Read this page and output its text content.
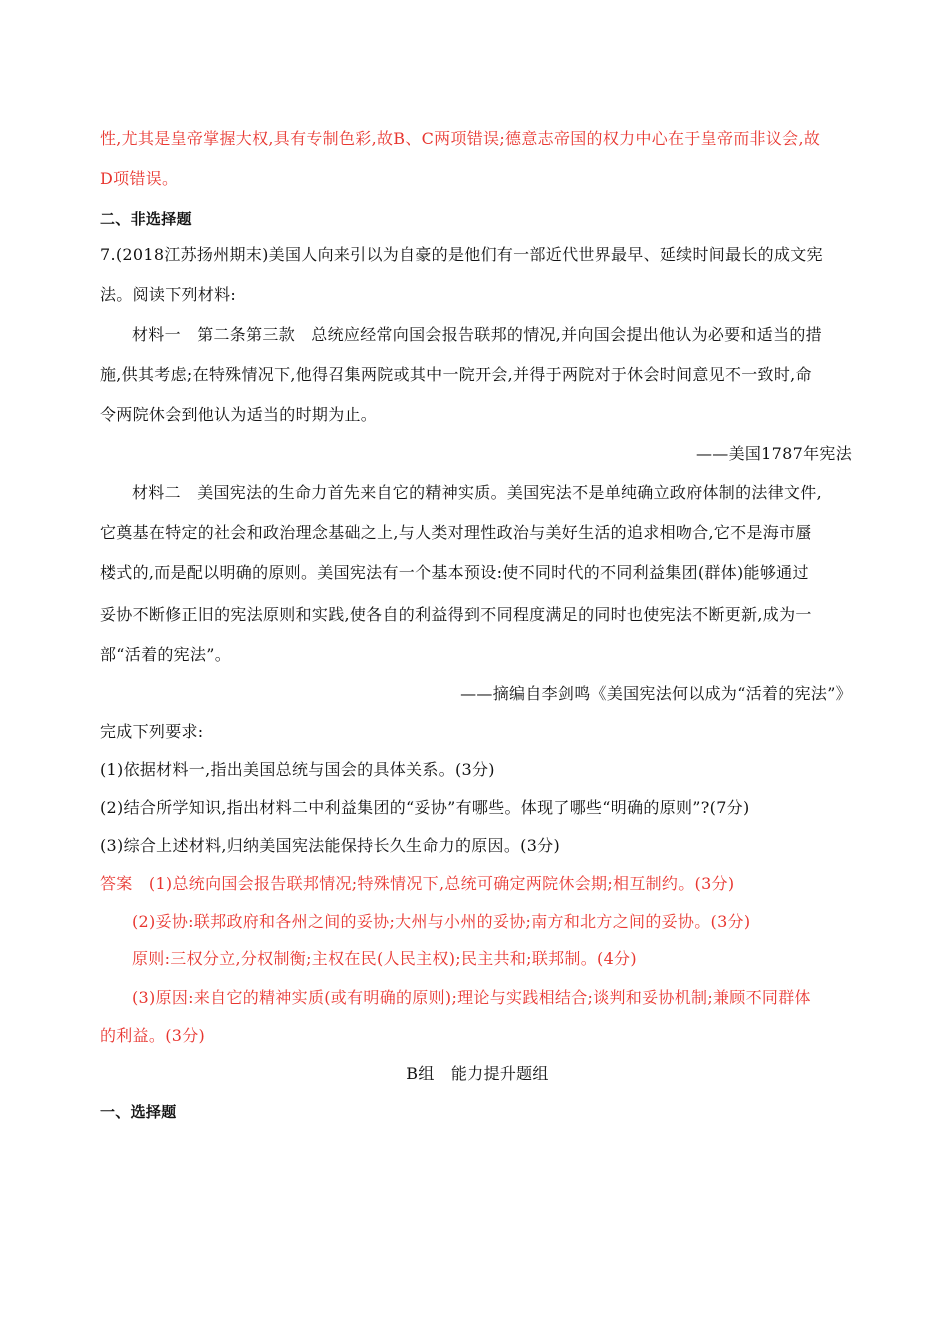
性,尤其是皇帝掌握大权,具有专制色彩,故B、C两项错误;德意志帝国的权力中心在于皇帝而非议会,故
D项错误。
二、非选择题
7.(2018江苏扬州期末)美国人向来引以为自豪的是他们有一部近代世界最早、延续时间最长的成文宪
法。阅读下列材料:
材料一　第二条第三款　总统应经常向国会报告联邦的情况,并向国会提出他认为必要和适当的措
施,供其考虑;在特殊情况下,他得召集两院或其中一院开会,并得于两院对于休会时间意见不一致时,命
令两院休会到他认为适当的时期为止。
——美国1787年宪法
材料二　美国宪法的生命力首先来自它的精神实质。美国宪法不是单纯确立政府体制的法律文件,
它奠基在特定的社会和政治理念基础之上,与人类对理性政治与美好生活的追求相吻合,它不是海市蜃
楼式的,而是配以明确的原则。美国宪法有一个基本预设:使不同时代的不同利益集团(群体)能够通过
妥协不断修正旧的宪法原则和实践,使各自的利益得到不同程度满足的同时也使宪法不断更新,成为一
部“活着的宪法”。
——摘编自李剑鸣《美国宪法何以成为“活着的宪法”》
完成下列要求:
(1)依据材料一,指出美国总统与国会的具体关系。(3分)
(2)结合所学知识,指出材料二中利益集团的“妥协”有哪些。体现了哪些“明确的原则”?(7分)
(3)综合上述材料,归纳美国宪法能保持长久生命力的原因。(3分)
答案　(1)总统向国会报告联邦情况;特殊情况下,总统可确定两院休会期;相互制约。(3分)
(2)妥协:联邦政府和各州之间的妥协;大州与小州的妥协;南方和北方之间的妥协。(3分)
原则:三权分立,分权制衡;主权在民(人民主权);民主共和;联邦制。(4分)
(3)原因:来自它的精神实质(或有明确的原则);理论与实践相结合;谈判和妥协机制;兼顾不同群体
的利益。(3分)
B组　能力提升题组
一、选择题
